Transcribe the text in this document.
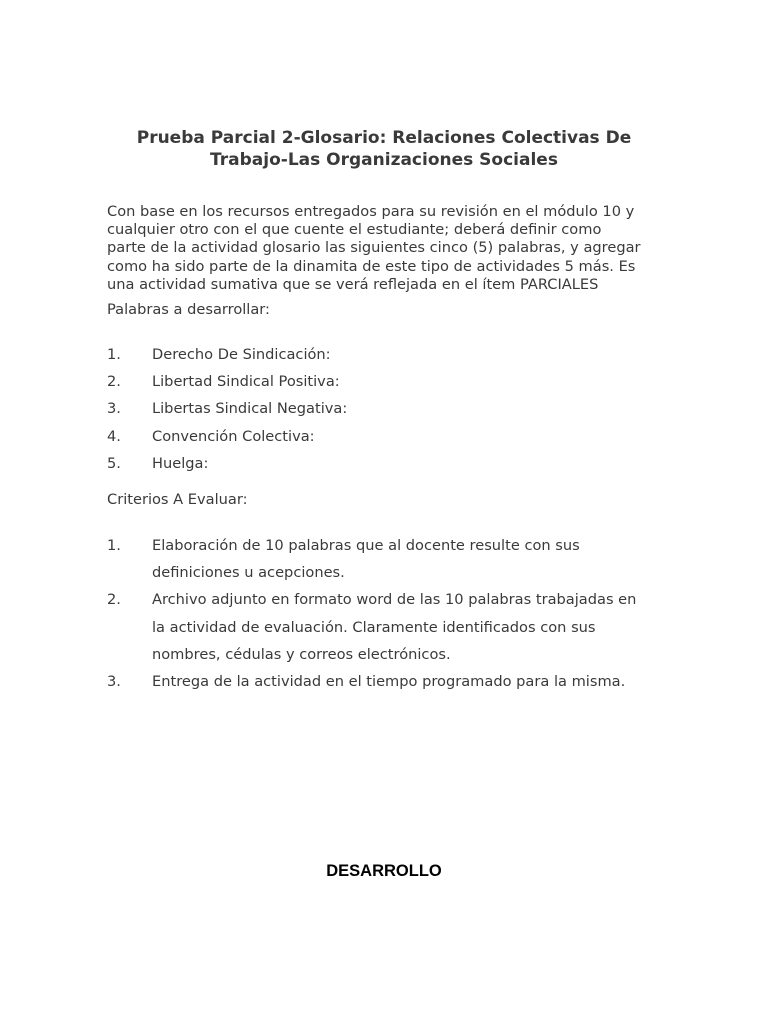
Prueba Parcial 2-Glosario: Relaciones Colectivas De
Trabajo-Las Organizaciones Sociales
Con base en los recursos entregados para su revisión en el módulo 10 y
cualquier otro con el que cuente el estudiante; deberá definir como
parte de la actividad glosario las siguientes cinco (5) palabras, y agregar
como ha sido parte de la dinamita de este tipo de actividades 5 más. Es
una actividad sumativa que se verá reflejada en el ítem PARCIALES
Palabras a desarrollar:
1. Derecho De Sindicación:
2. Libertad Sindical Positiva:
3. Libertas Sindical Negativa:
4. Convención Colectiva:
5. Huelga:
Criterios A Evaluar:
1. Elaboración de 10 palabras que al docente resulte con sus
definiciones u acepciones.
2. Archivo adjunto en formato word de las 10 palabras trabajadas en
la actividad de evaluación. Claramente identificados con sus
nombres, cédulas y correos electrónicos.
3. Entrega de la actividad en el tiempo programado para la misma.
DESARROLLO
